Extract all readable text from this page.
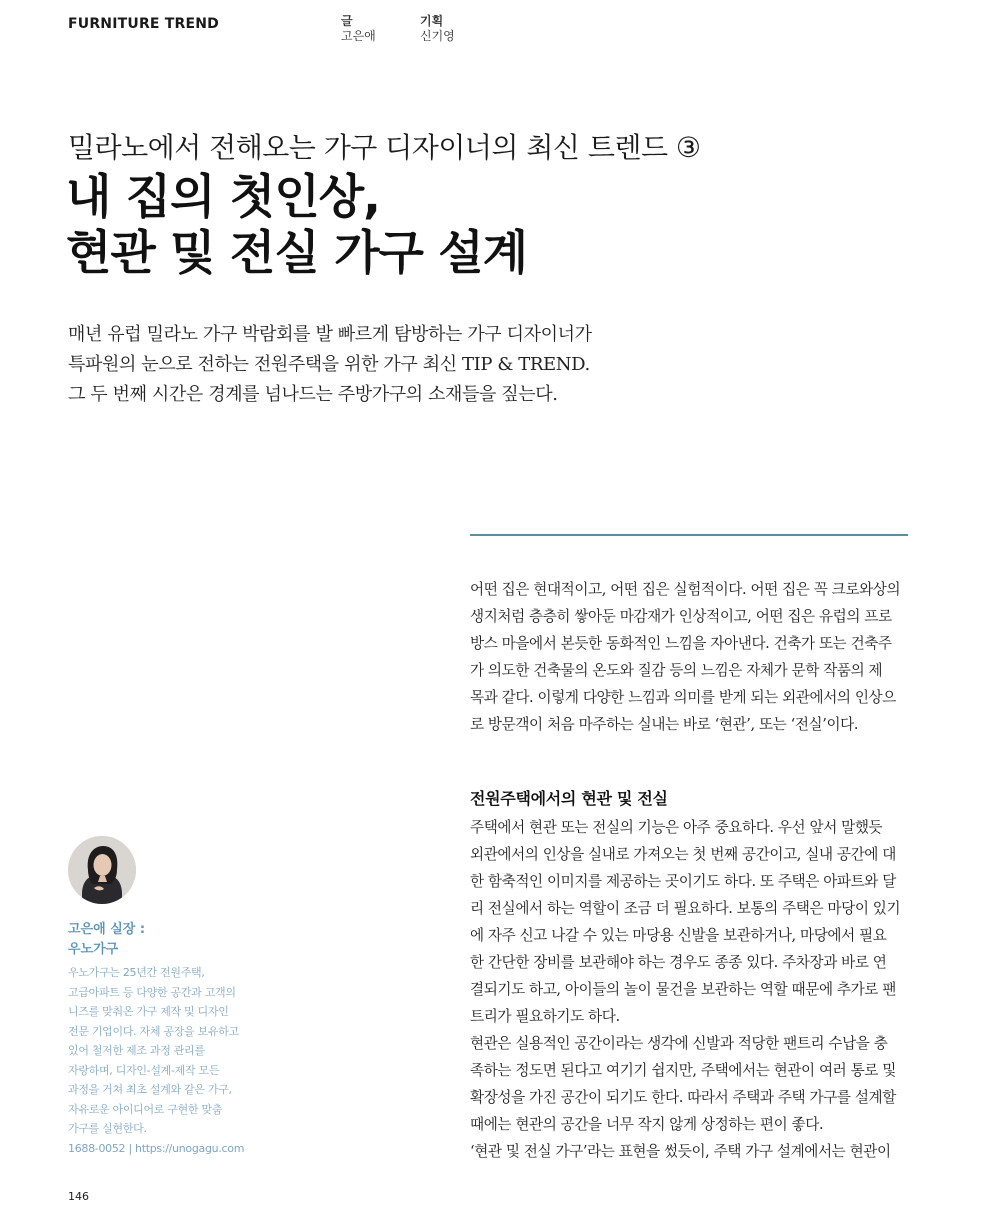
FURNITURE TREND	글
고은애
기획
신기영
밀라노에서 전해오는 가구 디자이너의 최신 트렌드 ③
내 집의 첫인상,
현관 및 전실 가구 설계
매년 유럽 밀라노 가구 박람회를 발 빠르게 탐방하는 가구 디자이너가
특파원의 눈으로 전하는 전원주택을 위한 가구 최신 TIP & TREND.
그 두 번째 시간은 경계를 넘나드는 주방가구의 소재들을 짚는다.
어떤 집은 현대적이고, 어떤 집은 실험적이다. 어떤 집은 꼭 크로와상의
생지처럼 층층히 쌓아둔 마감재가 인상적이고, 어떤 집은 유럽의 프로
방스 마을에서 본듯한 동화적인 느낌을 자아낸다. 건축가 또는 건축주
가 의도한 건축물의 온도와 질감 등의 느낌은 자체가 문학 작품의 제
목과 같다. 이렇게 다양한 느낌과 의미를 받게 되는 외관에서의 인상으
로 방문객이 처음 마주하는 실내는 바로 ‘현관’, 또는 ‘전실’이다.
전원주택에서의 현관 및 전실
주택에서 현관 또는 전실의 기능은 아주 중요하다. 우선 앞서 말했듯
외관에서의 인상을 실내로 가져오는 첫 번째 공간이고, 실내 공간에 대
한 함축적인 이미지를 제공하는 곳이기도 하다. 또 주택은 아파트와 달
리 전실에서 하는 역할이 조금 더 필요하다. 보통의 주택은 마당이 있기
에 자주 신고 나갈 수 있는 마당용 신발을 보관하거나, 마당에서 필요
한 간단한 장비를 보관해야 하는 경우도 종종 있다. 주차장과 바로 연
결되기도 하고, 아이들의 놀이 물건을 보관하는 역할 때문에 추가로 팬
트리가 필요하기도 하다.
현관은 실용적인 공간이라는 생각에 신발과 적당한 팬트리 수납을 충
족하는 정도면 된다고 여기기 쉽지만, 주택에서는 현관이 여러 통로 및
확장성을 가진 공간이 되기도 한다. 따라서 주택과 주택 가구를 설계할
때에는 현관의 공간을 너무 작지 않게 상정하는 편이 좋다.
‘현관 및 전실 가구’라는 표현을 썼듯이, 주택 가구 설계에서는 현관이
고은애 실장 :
우노가구
우노가구는 25년간 전원주택,
고급아파트 등 다양한 공간과 고객의
니즈를 맞춰온 가구 제작 및 디자인
전문 기업이다. 자체 공장을 보유하고
있어 철저한 제조 과정 관리를
자랑하며, 디자인-설계-제작 모든
과정을 거쳐 최초 설계와 같은 가구,
자유로운 아이디어로 구현한 맞춤
가구를 실현한다.
1688-0052 | https://unogagu.com
146
